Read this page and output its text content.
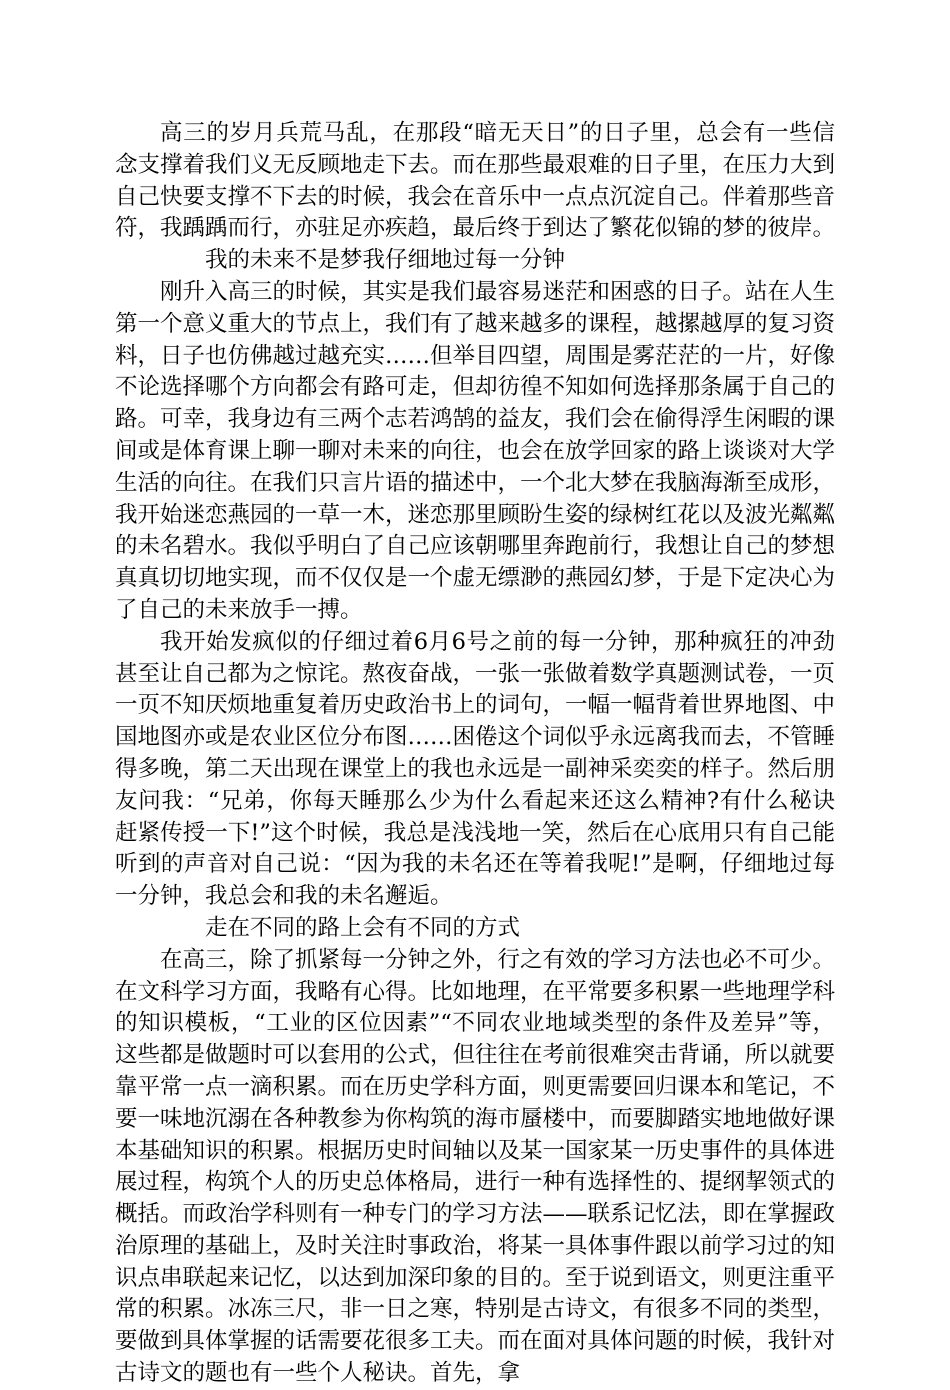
高三的岁月兵荒马乱，在那段“暗无天日”的日子里，总会有一些信念支撑着我们义无反顾地走下去。而在那些最艰难的日子里，在压力大到自己快要支撑不下去的时候，我会在音乐中一点点沉淀自己。伴着那些音符，我踽踽而行，亦驻足亦疾趋，最后终于到达了繁花似锦的梦的彼岸。

我的未来不是梦我仔细地过每一分钟

刚升入高三的时候，其实是我们最容易迷茫和困惑的日子。站在人生第一个意义重大的节点上，我们有了越来越多的课程，越摞越厚的复习资料，日子也仿佛越过越充实……但举目四望，周围是雾茫茫的一片，好像不论选择哪个方向都会有路可走，但却彷徨不知如何选择那条属于自己的路。可幸，我身边有三两个志若鸿鹄的益友，我们会在偷得浮生闲暇的课间或是体育课上聊一聊对未来的向往，也会在放学回家的路上谈谈对大学生活的向往。在我们只言片语的描述中，一个北大梦在我脑海渐至成形，我开始迷恋燕园的一草一木，迷恋那里顾盼生姿的绿树红花以及波光粼粼的未名碧水。我似乎明白了自己应该朝哪里奔跑前行，我想让自己的梦想真真切切地实现，而不仅仅是一个虚无缥渺的燕园幻梦，于是下定决心为了自己的未来放手一搏。

我开始发疯似的仔细过着6月6号之前的每一分钟，那种疯狂的冲劲甚至让自己都为之惊诧。熬夜奋战，一张一张做着数学真题测试卷，一页一页不知厌烦地重复着历史政治书上的词句，一幅一幅背着世界地图、中国地图亦或是农业区位分布图……困倦这个词似乎永远离我而去，不管睡得多晚，第二天出现在课堂上的我也永远是一副神采奕奕的样子。然后朋友问我：“兄弟，你每天睡那么少为什么看起来还这么精神?有什么秘诀赶紧传授一下!”这个时候，我总是浅浅地一笑，然后在心底用只有自己能听到的声音对自己说：“因为我的未名还在等着我呢!”是啊，仔细地过每一分钟，我总会和我的未名邂逅。

走在不同的路上会有不同的方式

在高三，除了抓紧每一分钟之外，行之有效的学习方法也必不可少。在文科学习方面，我略有心得。比如地理，在平常要多积累一些地理学科的知识模板，“工业的区位因素”“不同农业地域类型的条件及差异”等，这些都是做题时可以套用的公式，但往往在考前很难突击背诵，所以就要靠平常一点一滴积累。而在历史学科方面，则更需要回归课本和笔记，不要一味地沉溺在各种教参为你构筑的海市蜃楼中，而要脚踏实地地做好课本基础知识的积累。根据历史时间轴以及某一国家某一历史事件的具体进展过程，构筑个人的历史总体格局，进行一种有选择性的、提纲挈领式的概括。而政治学科则有一种专门的学习方法——联系记忆法，即在掌握政治原理的基础上，及时关注时事政治，将某一具体事件跟以前学习过的知识点串联起来记忆，以达到加深印象的目的。至于说到语文，则更注重平常的积累。冰冻三尺，非一日之寒，特别是古诗文，有很多不同的类型，要做到具体掌握的话需要花很多工夫。而在面对具体问题的时候，我针对古诗文的题也有一些个人秘诀。首先，拿
